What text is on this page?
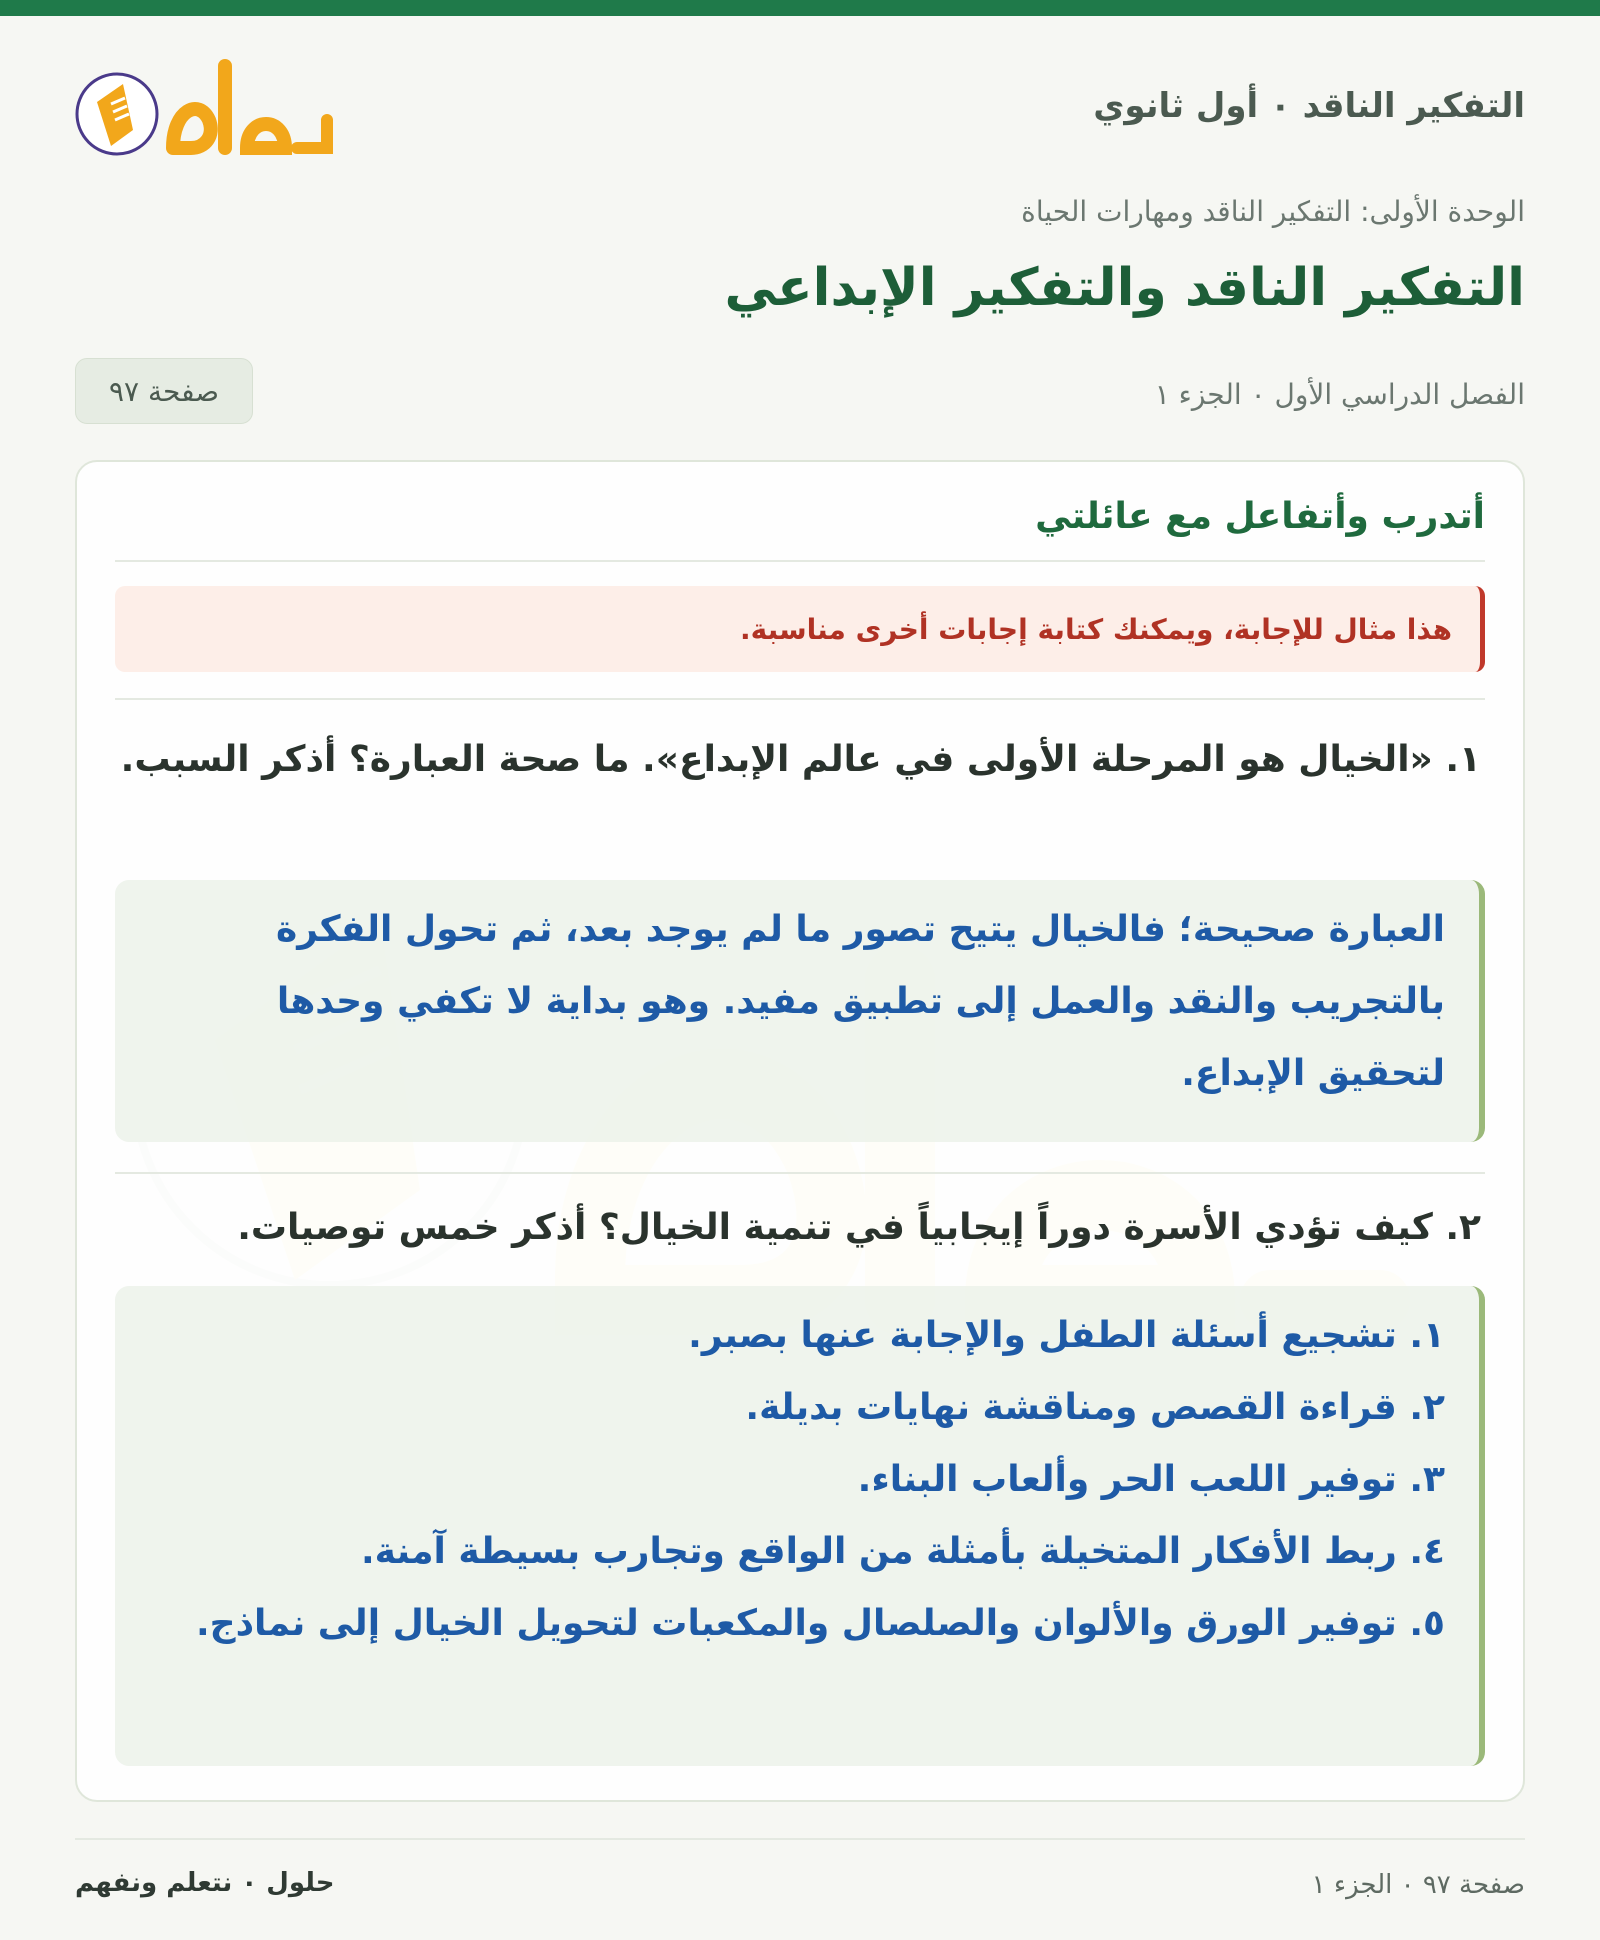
التفكير الناقد ٠ أول ثانوي
الوحدة الأولى: التفكير الناقد ومهارات الحياة
التفكير الناقد والتفكير الإبداعي
الفصل الدراسي الأول ٠ الجزء ١
صفحة ٩٧
أتدرب وأتفاعل مع عائلتي
هذا مثال للإجابة، ويمكنك كتابة إجابات أخرى مناسبة.
١. «الخيال هو المرحلة الأولى في عالم الإبداع». ما صحة العبارة؟ أذكر السبب.

العبارة صحيحة؛ فالخيال يتيح تصور ما لم يوجد بعد، ثم تحول الفكرة بالتجريب والنقد والعمل إلى تطبيق مفيد. وهو بداية لا تكفي وحدها لتحقيق الإبداع.

٢. كيف تؤدي الأسرة دوراً إيجابياً في تنمية الخيال؟ أذكر خمس توصيات.
١. تشجيع أسئلة الطفل والإجابة عنها بصبر.
٢. قراءة القصص ومناقشة نهايات بديلة.
٣. توفير اللعب الحر وألعاب البناء.
٤. ربط الأفكار المتخيلة بأمثلة من الواقع وتجارب بسيطة آمنة.
٥. توفير الورق والألوان والصلصال والمكعبات لتحويل الخيال إلى نماذج.
صفحة ٩٧ ٠ الجزء ١
حلول ٠ نتعلم ونفهم
